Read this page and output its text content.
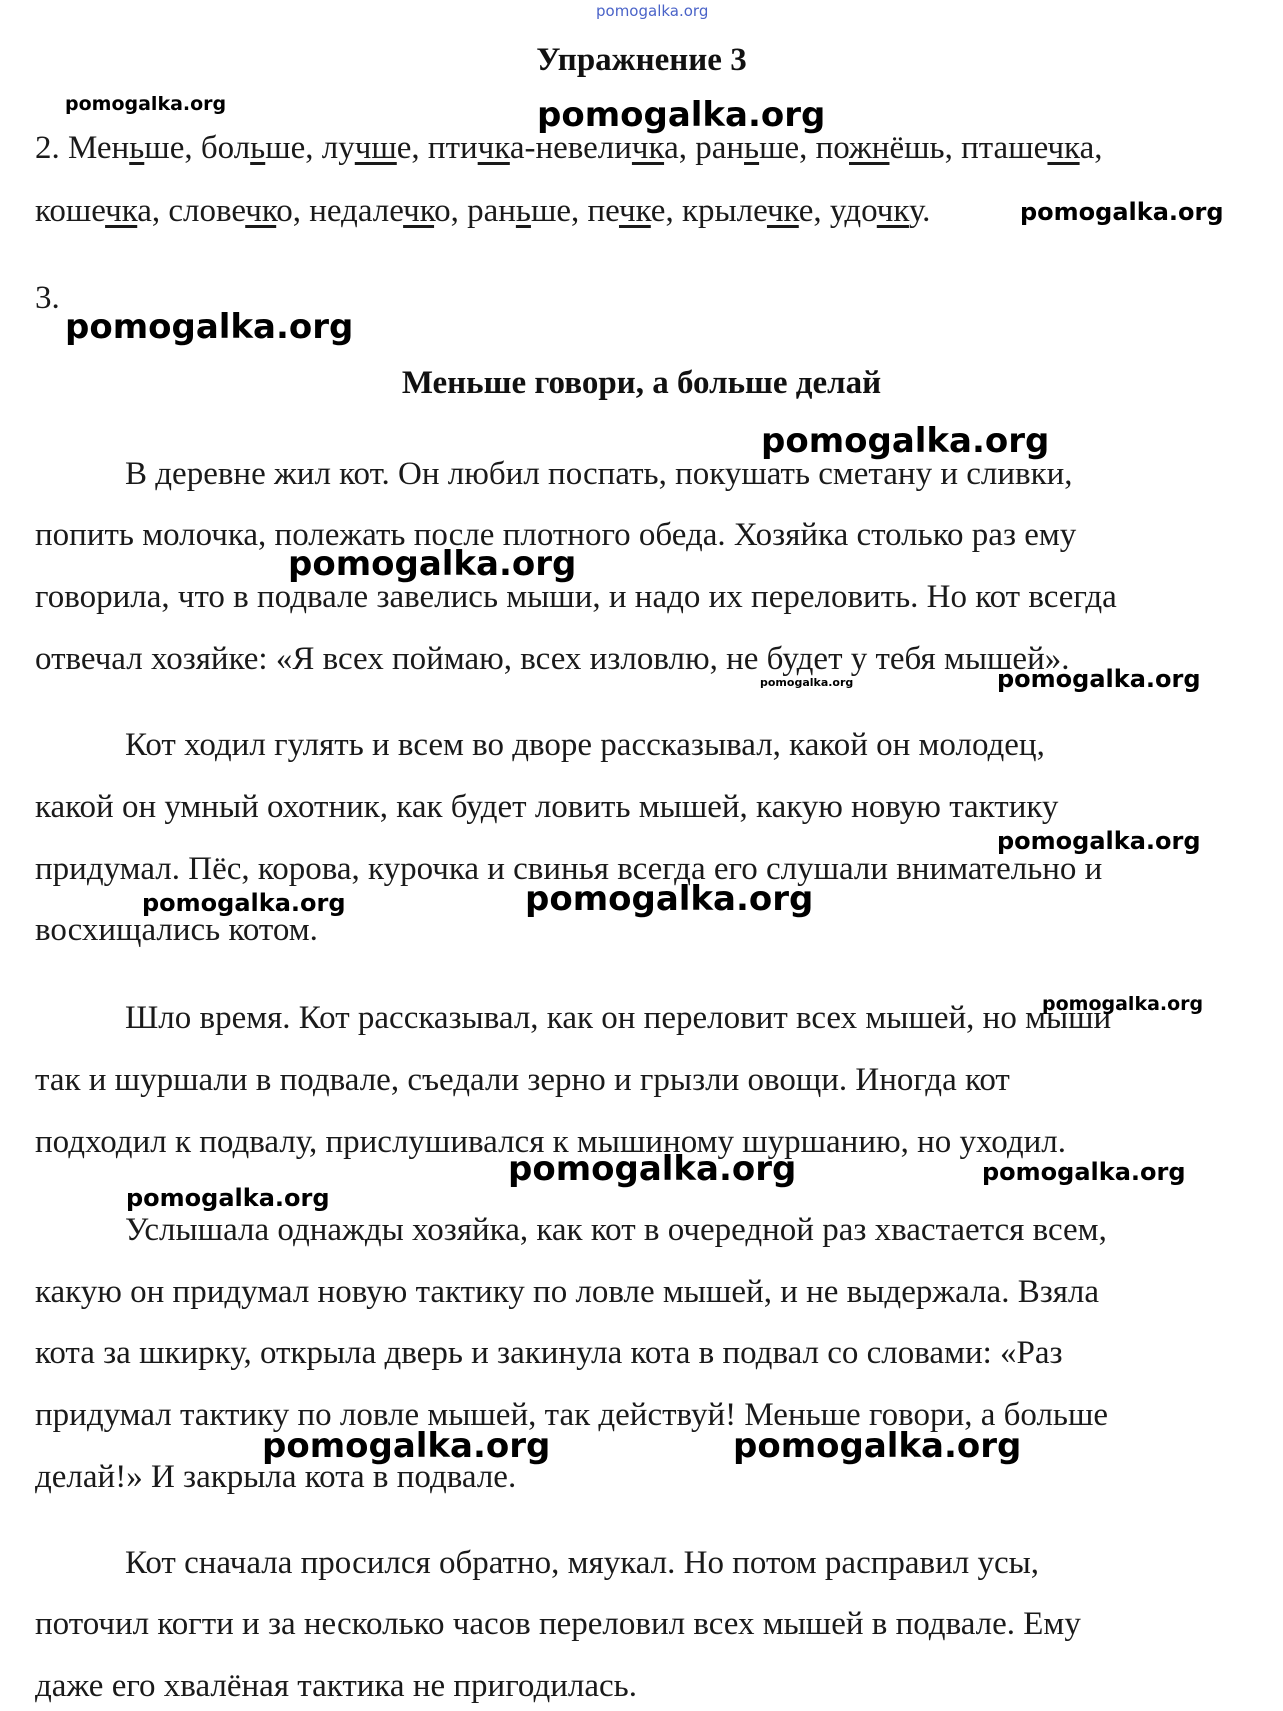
pomogalka.org
Упражнение 3
2. Меньше, больше, лучше, птичка-невеличка, раньше, пожнёшь, пташечка,
кошечка, словечко, недалечко, раньше, печке, крылечке, удочку.
3.
Меньше говори, а больше делай
В деревне жил кот. Он любил поспать, покушать сметану и сливки,
попить молочка, полежать после плотного обеда. Хозяйка столько раз ему
говорила, что в подвале завелись мыши, и надо их переловить. Но кот всегда
отвечал хозяйке: «Я всех поймаю, всех изловлю, не будет у тебя мышей».
Кот ходил гулять и всем во дворе рассказывал, какой он молодец,
какой он умный охотник, как будет ловить мышей, какую новую тактику
придумал. Пёс, корова, курочка и свинья всегда его слушали внимательно и
восхищались котом.
Шло время. Кот рассказывал, как он переловит всех мышей, но мыши
так и шуршали в подвале, съедали зерно и грызли овощи. Иногда кот
подходил к подвалу, прислушивался к мышиному шуршанию, но уходил.
Услышала однажды хозяйка, как кот в очередной раз хвастается всем,
какую он придумал новую тактику по ловле мышей, и не выдержала. Взяла
кота за шкирку, открыла дверь и закинула кота в подвал со словами: «Раз
придумал тактику по ловле мышей, так действуй! Меньше говори, а больше
делай!» И закрыла кота в подвале.
Кот сначала просился обратно, мяукал. Но потом расправил усы,
поточил когти и за несколько часов переловил всех мышей в подвале. Ему
даже его хвалёная тактика не пригодилась.
pomogalka.org	pomogalka.org
pomogalka.org
pomogalka.org
pomogalka.org
pomogalka.org
pomogalka.org	pomogalka.org
pomogalka.org
pomogalka.org	pomogalka.org
pomogalka.org
pomogalka.org	pomogalka.org
pomogalka.org
pomogalka.org	pomogalka.org
